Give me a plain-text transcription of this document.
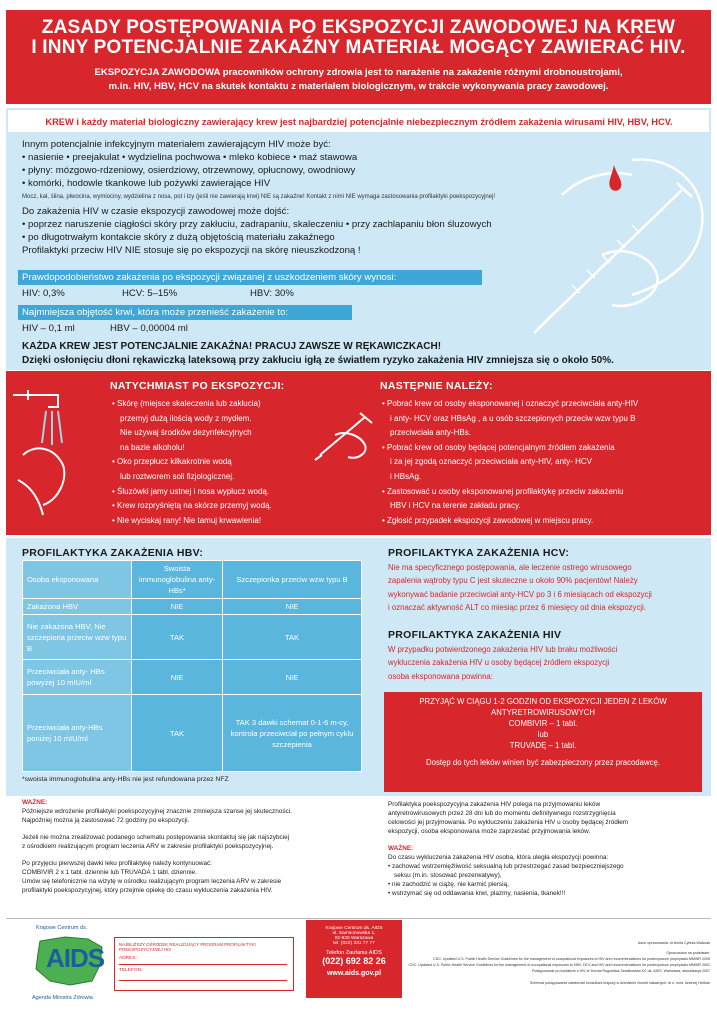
ZASADY POSTĘPOWANIA PO EKSPOZYCJI ZAWODOWEJ NA KREW
I INNY POTENCJALNIE ZAKAŹNY MATERIAŁ MOGĄCY ZAWIERAĆ HIV.
EKSPOZYCJA ZAWODOWA pracowników ochrony zdrowia jest to narażenie na zakażenie różnymi drobnoustrojami,
m.in. HIV, HBV, HCV na skutek kontaktu z materiałem biologicznym, w trakcie wykonywania pracy zawodowej.
KREW i każdy materiał biologiczny zawierający krew jest najbardziej potencjalnie niebezpiecznym źródłem zakażenia wirusami HIV, HBV, HCV.
Innym potencjalnie infekcyjnym materiałem zawierającym HIV może być:
• nasienie • preejakulat • wydzielina pochwowa • mleko kobiece • maź stawowa
• płyny: mózgowo-rdzeniowy, osierdziowy, otrzewnowy, opłucnowy, owodniowy
• komórki, hodowle tkankowe lub pożywki zawierające HIV
Mocz, kał, ślina, plwocina, wymiociny, wydzielina z nosa, pot i łzy (jeśli nie zawierają krwi) NIE są zakaźne! Kontakt z nimi NIE wymaga zastosowania profilaktyki poekspozycyjnej!
Do zakażenia HIV w czasie ekspozycji zawodowej może dojść:
• poprzez naruszenie ciągłości skóry przy zakłuciu, zadrapaniu, skaleczeniu • przy zachlapaniu błon śluzowych
• po długotrwałym kontakcie skóry z dużą objętością materiału zakaźnego
Profilaktyki przeciw HIV NIE stosuje się po ekspozycji na skórę nieuszkodzoną !
Prawdopodobieństwo zakażenia po ekspozycji związanej z uszkodzeniem skóry wynosi:
HIV: 0,3%	HCV: 5–15%	HBV: 30%
Najmniejsza objętość krwi, która może przenieść zakażenie to:
HIV – 0,1 ml	HBV – 0,00004 ml
KAŻDA KREW JEST POTENCJALNIE ZAKAŹNA! PRACUJ ZAWSZE W RĘKAWICZKACH!
Dzięki osłonięciu dłoni rękawiczką lateksową przy zakłuciu igłą ze światłem ryzyko zakażenia HIV zmniejsza się o około 50%.
NATYCHMIAST PO EKSPOZYCJI:
• Skórę (miejsce skaleczenia lub zakłucia)
przemyj dużą ilością wody z mydłem.
Nie używaj środków dezynfekcyjnych
na bazie alkoholu!
• Oko przepłucz kilkakrotnie wodą
lub roztworem soli fizjologicznej.
• Śluzówki jamy ustnej i nosa wypłucz wodą.
• Krew rozpryśniętą na skórze przemyj wodą.
• Nie wyciskaj rany! Nie tamuj krwawienia!
NASTĘPNIE NALEŻY:
• Pobrać krew od osoby eksponowanej i oznaczyć przeciwciała anty-HIV
i anty- HCV oraz HBsAg , a u osób szczepionych przeciw wzw typu B
przeciwciała anty-HBs.
• Pobrać krew od osoby będącej potencjalnym źródłem zakażenia
i za jej zgodą oznaczyć przeciwciała anty-HIV, anty- HCV
i HBsAg.
• Zastosować u osoby eksponowanej profilaktykę przeciw zakażeniu
HBV i HCV na terenie zakładu pracy.
• Zgłosić przypadek ekspozycji zawodowej w miejscu pracy.
PROFILAKTYKA ZAKAŻENIA HBV:
Osoba eksponowana	Swoista immunoglobulina anty- HBs*	Szczepionka przeciw wzw typu B
Zakażona HBV	NIE	NIE
Nie zakażona HBV, Nie szczepiona przeciw wzw typu B	TAK	TAK
Przeciwciała anty- HBs powyżej 10 mIU/ml	NIE	NIE
Przeciwciała anty-HBs poniżej 10 mIU/ml	TAK	TAK 3 dawki schemat 0-1-6 m-cy, kontrola przeciwciał po pełnym cyklu szczepienia
*swoista immunoglobulina anty-HBs nie jest refundowana przez NFZ
PROFILAKTYKA ZAKAŻENIA HCV:
Nie ma specyficznego postępowania, ale leczenie ostrego wirusowego
zapalenia wątroby typu C jest skuteczne u około 90% pacjentów! Należy
wykonywać badanie przeciwciał anty-HCV po 3 i 6 miesiącach od ekspozycji
i oznaczać aktywność ALT co miesiąc przez 6 miesięcy od dnia ekspozycji.
PROFILAKTYKA ZAKAŻENIA HIV
W przypadku potwierdzonego zakażenia HIV lub braku możliwości
wykluczenia zakażenia HIV u osoby będącej źródłem ekspozycji
osoba eksponowana powinna:
PRZYJĄĆ W CIĄGU 1-2 GODZIN OD EKSPOZYCJI JEDEN Z LEKÓW
ANTYRETROWIRUSOWYCH
COMBIVIR – 1 tabl.
lub
TRUVADĘ – 1 tabl.
Dostęp do tych leków winien być zabezpieczony przez pracodawcę.
WAŻNE:
Późniejsze wdrożenie profilaktyki poekspozycyjnej znacznie zmniejsza szanse jej skuteczności.
Najpóźniej można ją zastosować 72 godziny po ekspozycji.
Jeżeli nie można zrealizować podanego schematu postępowania skontaktuj się jak najszybciej
z ośrodkiem realizującym program leczenia ARV w zakresie profilaktyki poekspozycyjnej.
Po przyjęciu pierwszej dawki leku profilaktykę należy kontynuować:
COMBIVIR 2 x 1 tabl. dziennie lub TRUVADA 1 tabl. dziennie.
Umów się telefonicznie na wizytę w ośrodku realizującym program leczenia ARV w zakresie
profilaktyki poekspozycyjnej, który przejmie opiekę do czasu wykluczenia zakażenia HIV.
Profilaktyka poekspozycyjna zakażenia HIV polega na przyjmowaniu leków
antyretrowirusowych przez 28 dni lub do momentu definitywnego rozstrzygnięcia
celowości jej przyjmowania. Po wykluczeniu zakażenia HIV u osoby będącej źródłem
ekspozycji, osoba eksponowana może zaprzestać przyjmowania leków.
WAŻNE:
Do czasu wykluczenia zakażenia HIV osoba, która uległa ekspozycji powinna:
• zachować wstrzemięźliwość seksualną lub przestrzegać zasad bezpieczniejszego
seksu (m.in. stosować prezerwatywy),
• nie zachodzić w ciążę, nie karmić piersią,
• wstrzymać się od oddawania krwi, plazmy, nasienia, tkanek!!!
Krajowe Centrum ds.
AIDS
Agenda Ministra Zdrowia
NAJBLIŻSZY OŚRODEK REALIZUJĄCY PROGRAM PROFILAKTYKI POEKSPOZYCYJNEJ HIV
ADRES:
TELEFON:
Krajowe Centrum ds. AIDS
ul. Samsonowska 1,
02-829 Warszawa
tel. (022) 331 77 77
Telefon Zaufania AIDS
(022) 692 82 26
www.aids.gov.pl
Autor opracowania: dr Aneta Cybula-Walczak
Opracowano na podstawie:
CDC. Updated U.S. Public Health Service Guidelines for the management of occupational exposures to HIV and recommendations for postexposure prophylaxis.MMWR 2005
CDC. Updated U.S. Public Health Service Guidelines for the management of occupational exposures to HBV, HCV and HIV and recommendations for postexposure prophylaxis.MMWR 2001
Postępowanie po kontakcie z HIV dr Dorota Rogowska-Szadkowska KC ds. AIDS, Warszawa, aktualizacja 2007
Schemat postępowania zatwierdził konsultant krajowy w dziedzinie chorób zakaźnych: dr n. med. Andrzej Horban
